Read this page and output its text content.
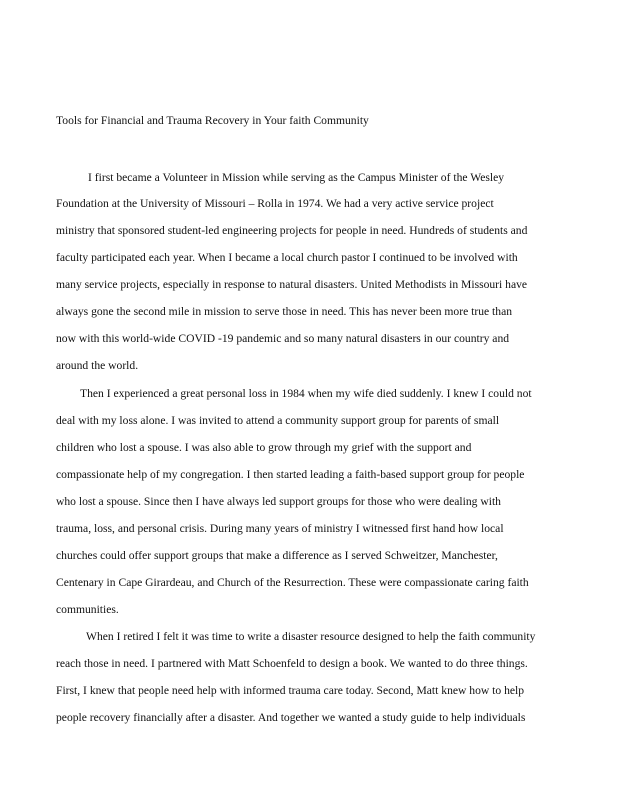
Tools for Financial and Trauma Recovery in Your faith Community
I first became a Volunteer in Mission while serving as the Campus Minister of the Wesley
Foundation at the University of Missouri – Rolla in 1974. We had a very active service project
ministry that sponsored student-led engineering projects for people in need. Hundreds of students and
faculty participated each year. When I became a local church pastor I continued to be involved with
many service projects, especially in response to natural disasters. United Methodists in Missouri have
always gone the second mile in mission to serve those in need. This has never been more true than
now with this world-wide COVID -19 pandemic and so many natural disasters in our country and
around the world.
Then I experienced a great personal loss in 1984 when my wife died suddenly. I knew I could not
deal with my loss alone. I was invited to attend a community support group for parents of small
children who lost a spouse. I was also able to grow through my grief with the support and
compassionate help of my congregation. I then started leading a faith-based support group for people
who lost a spouse. Since then I have always led support groups for those who were dealing with
trauma, loss, and personal crisis. During many years of ministry I witnessed first hand how local
churches could offer support groups that make a difference as I served Schweitzer, Manchester,
Centenary in Cape Girardeau, and Church of the Resurrection. These were compassionate caring faith
communities.
When I retired I felt it was time to write a disaster resource designed to help the faith community
reach those in need. I partnered with Matt Schoenfeld to design a book. We wanted to do three things.
First, I knew that people need help with informed trauma care today. Second, Matt knew how to help
people recovery financially after a disaster. And together we wanted a study guide to help individuals
